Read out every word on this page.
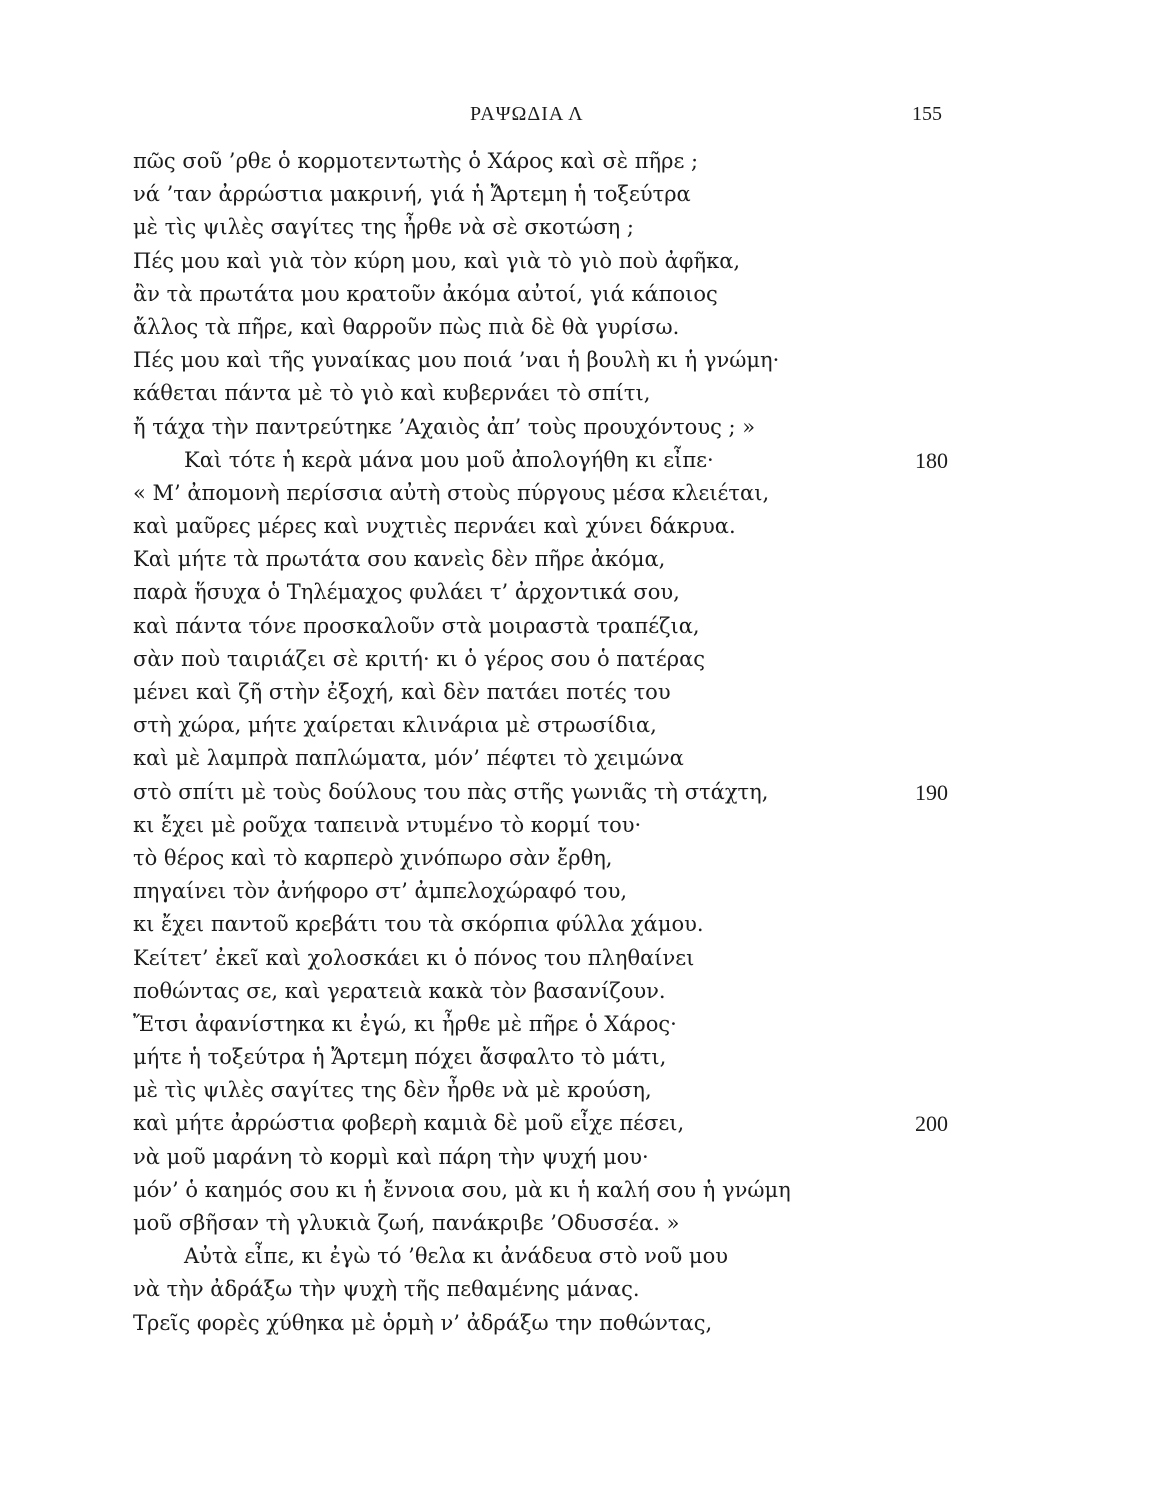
ΡΑΨΩΔΙΑ Λ	155
πῶς σοῦ ’ρθε ὁ κορμοτεντωτὴς ὁ Χάρος καὶ σὲ πῆρε ;
νά ’ταν ἀρρώστια μακρινή, γιά ἡ Ἄρτεμη ἡ τοξεύτρα
μὲ τὶς ψιλὲς σαγίτες της ἦρθε νὰ σὲ σκοτώση ;
Πές μου καὶ γιὰ τὸν κύρη μου, καὶ γιὰ τὸ γιὸ ποὺ ἀφῆκα,
ἂν τὰ πρωτάτα μου κρατοῦν ἀκόμα αὐτοί, γιά κάποιος
ἄλλος τὰ πῆρε, καὶ θαρροῦν πὼς πιὰ δὲ θὰ γυρίσω.
Πές μου καὶ τῆς γυναίκας μου ποιά ’ναι ἡ βουλὴ κι ἡ γνώμη·
κάθεται πάντα μὲ τὸ γιὸ καὶ κυβερνάει τὸ σπίτι,
ἤ τάχα τὴν παντρεύτηκε ’Αχαιὸς ἀπ’ τοὺς προυχόντους ; »
Καὶ τότε ἡ κερὰ μάνα μου μοῦ ἀπολογήθη κι εἶπε·	180
« Μ’ ἀπομονὴ περίσσια αὐτὴ στοὺς πύργους μέσα κλειέται,
καὶ μαῦρες μέρες καὶ νυχτιὲς περνάει καὶ χύνει δάκρυα.
Καὶ μήτε τὰ πρωτάτα σου κανεὶς δὲν πῆρε ἀκόμα,
παρὰ ἥσυχα ὁ Τηλέμαχος φυλάει τ’ ἀρχοντικά σου,
καὶ πάντα τόνε προσκαλοῦν στὰ μοιραστὰ τραπέζια,
σὰν ποὺ ταιριάζει σὲ κριτή· κι ὁ γέρος σου ὁ πατέρας
μένει καὶ ζῆ στὴν ἐξοχή, καὶ δὲν πατάει ποτές του
στὴ χώρα, μήτε χαίρεται κλινάρια μὲ στρωσίδια,
καὶ μὲ λαμπρὰ παπλώματα, μόν’ πέφτει τὸ χειμώνα
στὸ σπίτι μὲ τοὺς δούλους του πὰς στῆς γωνιᾶς τὴ στάχτη,	190
κι ἔχει μὲ ροῦχα ταπεινὰ ντυμένο τὸ κορμί του·
τὸ θέρος καὶ τὸ καρπερὸ χινόπωρο σὰν ἔρθη,
πηγαίνει τὸν ἀνήφορο στ’ ἀμπελοχώραφό του,
κι ἔχει παντοῦ κρεβάτι του τὰ σκόρπια φύλλα χάμου.
Κείτετ’ ἐκεῖ καὶ χολοσκάει κι ὁ πόνος του πληθαίνει
ποθώντας σε, καὶ γερατειὰ κακὰ τὸν βασανίζουν.
Ἔτσι ἀφανίστηκα κι ἐγώ, κι ἦρθε μὲ πῆρε ὁ Χάρος·
μήτε ἡ τοξεύτρα ἡ Ἄρτεμη πόχει ἄσφαλτο τὸ μάτι,
μὲ τὶς ψιλὲς σαγίτες της δὲν ἦρθε νὰ μὲ κρούση,
καὶ μήτε ἀρρώστια φοβερὴ καμιὰ δὲ μοῦ εἶχε πέσει,	200
νὰ μοῦ μαράνη τὸ κορμὶ καὶ πάρη τὴν ψυχή μου·
μόν’ ὁ καημός σου κι ἡ ἔννοια σου, μὰ κι ἡ καλή σου ἡ γνώμη
μοῦ σβῆσαν τὴ γλυκιὰ ζωή, πανάκριβε ’Οδυσσέα. »
Αὐτὰ εἶπε, κι ἐγὼ τό ’θελα κι ἀνάδευα στὸ νοῦ μου
νὰ τὴν ἀδράξω τὴν ψυχὴ τῆς πεθαμένης μάνας.
Τρεῖς φορὲς χύθηκα μὲ ὁρμὴ ν’ ἀδράξω την ποθώντας,
